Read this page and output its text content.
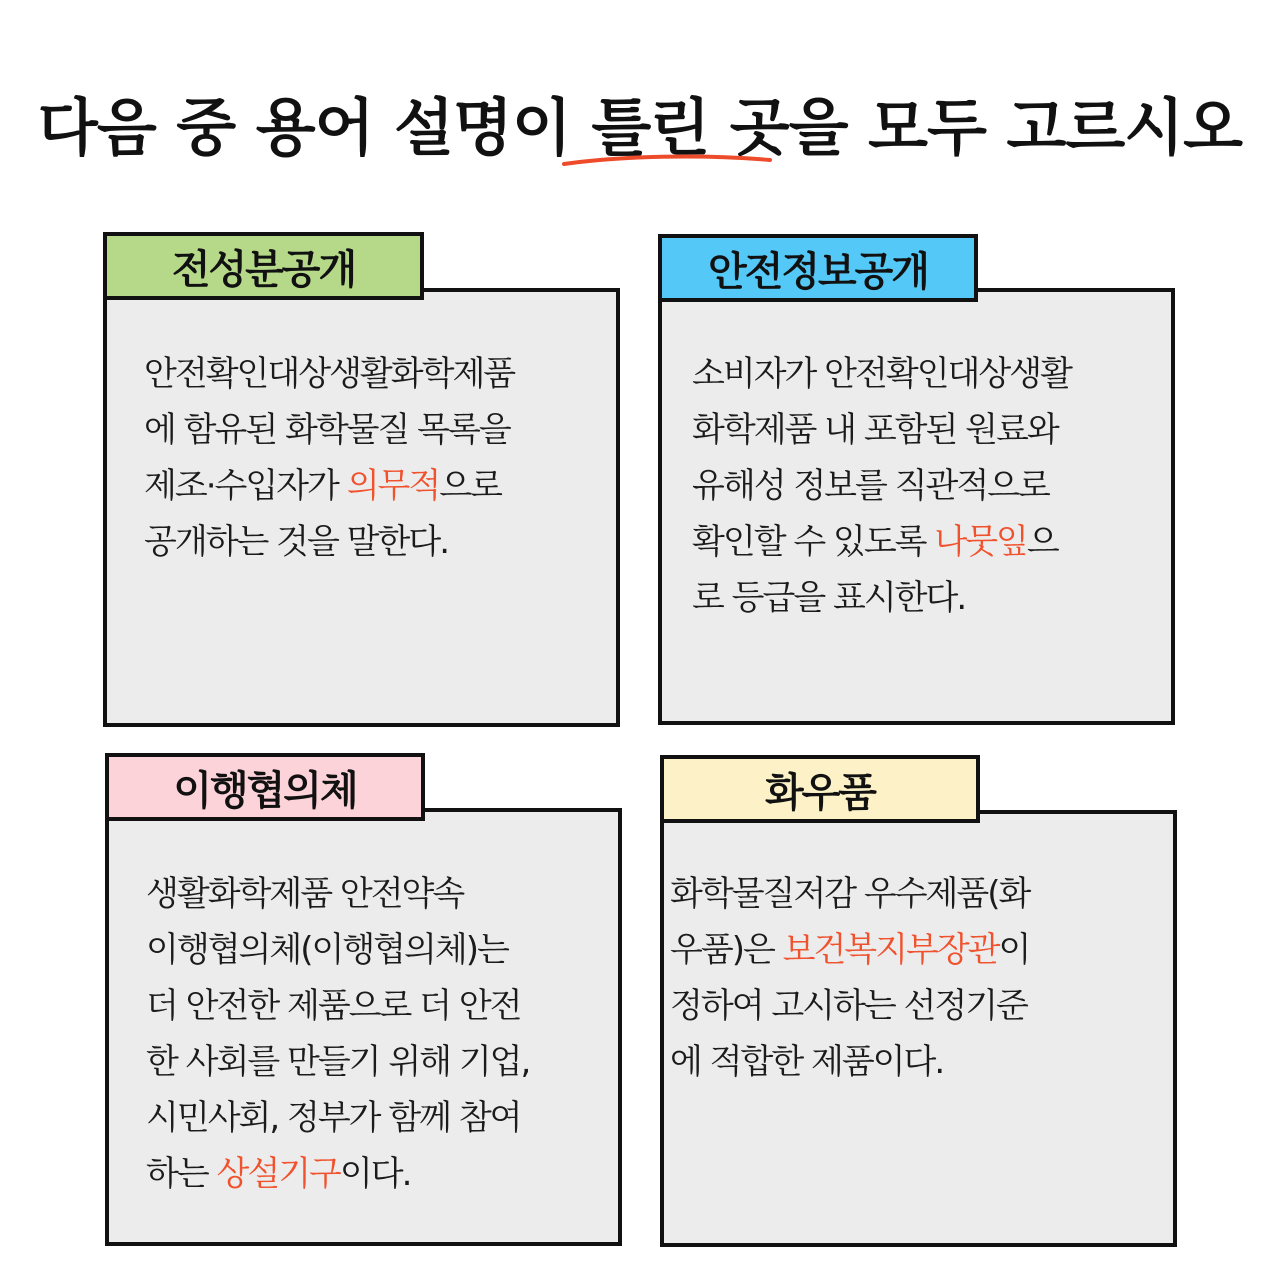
다음 중 용어 설명이 틀린 곳을 모두 고르시오
전성분공개
안전확인대상생활화학제품
에 함유된 화학물질 목록을
제조·수입자가 의무적으로
공개하는 것을 말한다.
안전정보공개
소비자가 안전확인대상생활
화학제품 내 포함된 원료와
유해성 정보를 직관적으로
확인할 수 있도록 나뭇잎으
로 등급을 표시한다.
이행협의체
생활화학제품 안전약속
이행협의체(이행협의체)는
더 안전한 제품으로 더 안전
한 사회를 만들기 위해 기업,
시민사회, 정부가 함께 참여
하는 상설기구이다.
화우품
화학물질저감 우수제품(화
우품)은 보건복지부장관이
정하여 고시하는 선정기준
에 적합한 제품이다.
